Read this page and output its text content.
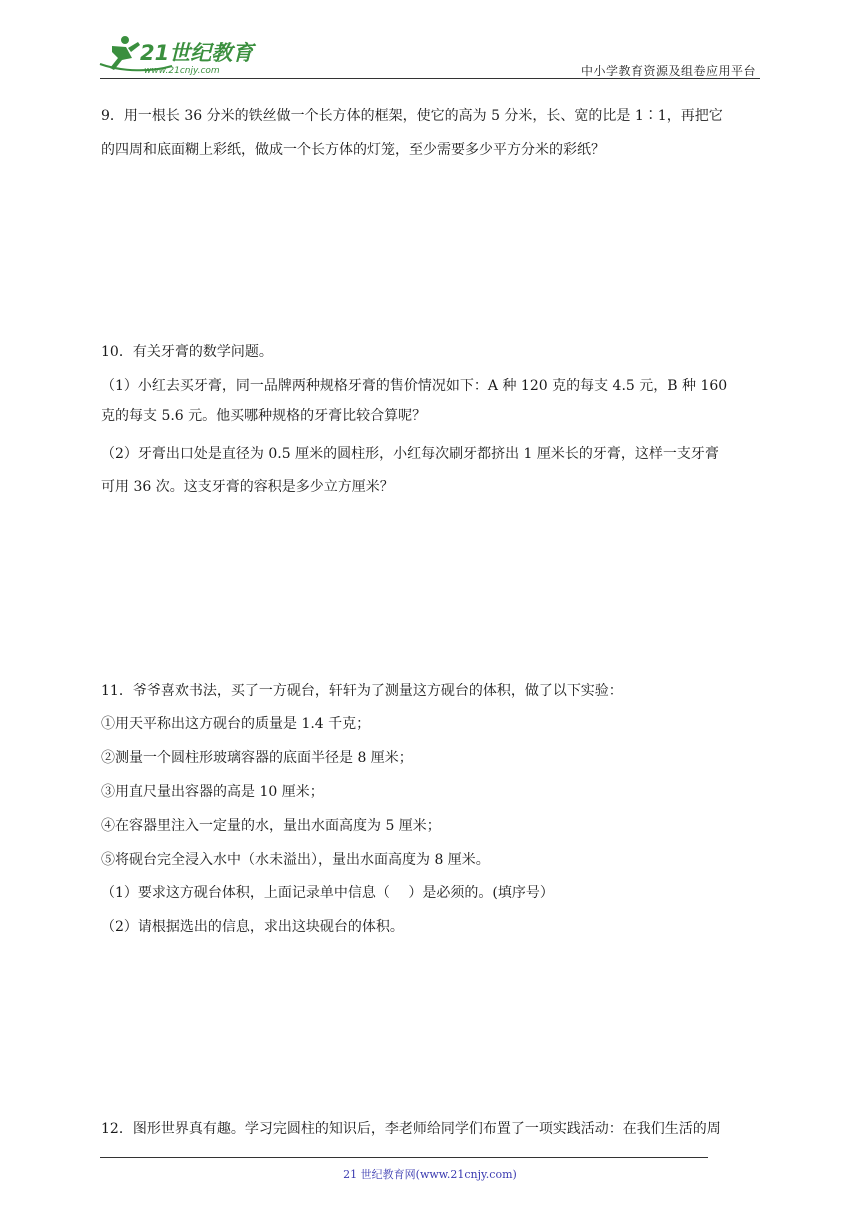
21世纪教育
www.21cnjy.com	中小学教育资源及组卷应用平台
9．用一根长 36 分米的铁丝做一个长方体的框架，使它的高为 5 分米，长、宽的比是 1∶1，再把它
的四周和底面糊上彩纸，做成一个长方体的灯笼，至少需要多少平方分米的彩纸？
10．有关牙膏的数学问题。
（1）小红去买牙膏，同一品牌两种规格牙膏的售价情况如下：A 种 120 克的每支 4.5 元，B 种 160
克的每支 5.6 元。他买哪种规格的牙膏比较合算呢？
（2）牙膏出口处是直径为 0.5 厘米的圆柱形，小红每次刷牙都挤出 1 厘米长的牙膏，这样一支牙膏
可用 36 次。这支牙膏的容积是多少立方厘米？
11．爷爷喜欢书法，买了一方砚台，轩轩为了测量这方砚台的体积，做了以下实验：
①用天平称出这方砚台的质量是 1.4 千克；
②测量一个圆柱形玻璃容器的底面半径是 8 厘米；
③用直尺量出容器的高是 10 厘米；
④在容器里注入一定量的水，量出水面高度为 5 厘米；
⑤将砚台完全浸入水中（水未溢出），量出水面高度为 8 厘米。
（1）要求这方砚台体积，上面记录单中信息（　 ）是必须的。(填序号）
（2）请根据选出的信息，求出这块砚台的体积。
12．图形世界真有趣。学习完圆柱的知识后，李老师给同学们布置了一项实践活动：在我们生活的周
21 世纪教育网(www.21cnjy.com)
